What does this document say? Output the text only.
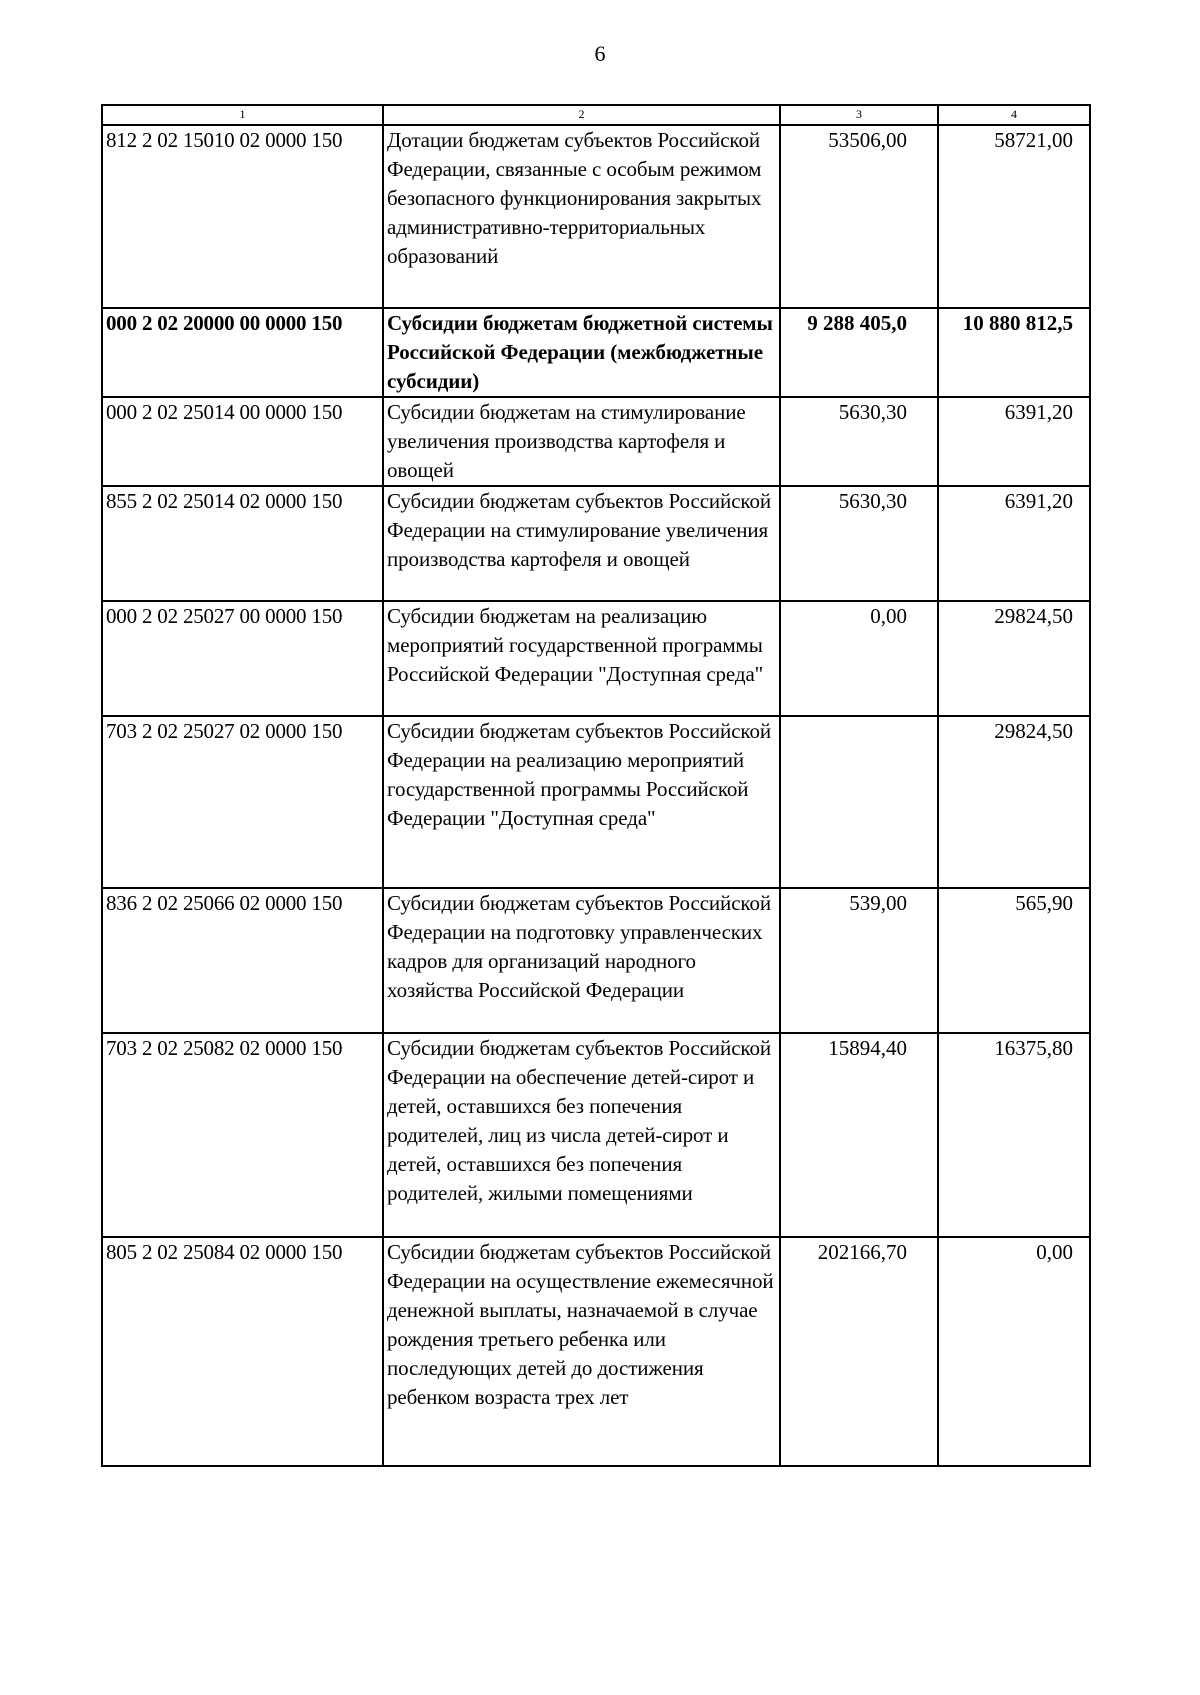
6
1	2	3	4
812 2 02 15010 02 0000 150	Дотации бюджетам субъектов Российской Федерации, связанные с особым режимом безопасного функционирования закрытых административно-территориальных образований	53506,00	58721,00
000 2 02 20000 00 0000 150	Субсидии бюджетам бюджетной системы Российской Федерации (межбюджетные субсидии)	9 288 405,0	10 880 812,5
000 2 02 25014 00 0000 150	Субсидии бюджетам на стимулирование увеличения производства картофеля и овощей	5630,30	6391,20
855 2 02 25014 02 0000 150	Субсидии бюджетам субъектов Российской Федерации на стимулирование увеличения производства картофеля и овощей	5630,30	6391,20
000 2 02 25027 00 0000 150	Субсидии бюджетам на реализацию мероприятий государственной программы Российской Федерации "Доступная среда"	0,00	29824,50
703 2 02 25027 02 0000 150	Субсидии бюджетам субъектов Российской Федерации на реализацию мероприятий государственной программы Российской Федерации "Доступная среда"		29824,50
836 2 02 25066 02 0000 150	Субсидии бюджетам субъектов Российской Федерации на подготовку управленческих кадров для организаций народного хозяйства Российской Федерации	539,00	565,90
703 2 02 25082 02 0000 150	Субсидии бюджетам субъектов Российской Федерации на обеспечение детей-сирот и детей, оставшихся без попечения родителей, лиц из числа детей-сирот и детей, оставшихся без попечения родителей, жилыми помещениями	15894,40	16375,80
805 2 02 25084 02 0000 150	Субсидии бюджетам субъектов Российской Федерации на осуществление ежемесячной денежной выплаты, назначаемой в случае рождения третьего ребенка или последующих детей до достижения ребенком возраста трех лет	202166,70	0,00
